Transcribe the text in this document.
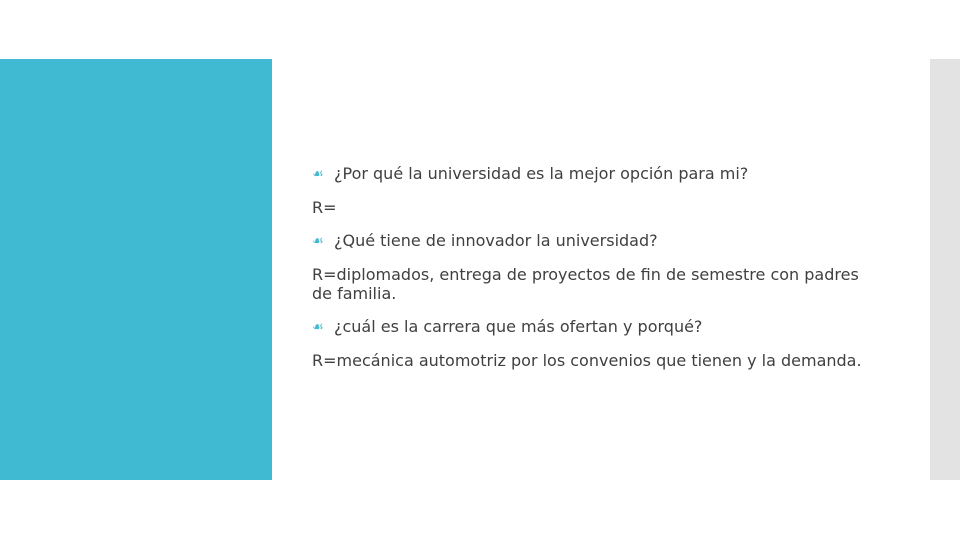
☙ ¿Por qué la universidad es la mejor opción para mi?
R=
☙ ¿Qué tiene de innovador la universidad?
R=diplomados, entrega de proyectos de fin de semestre con padres de familia.
☙ ¿cuál es la carrera que más ofertan y porqué?
R=mecánica automotriz por los convenios que tienen y la demanda.
